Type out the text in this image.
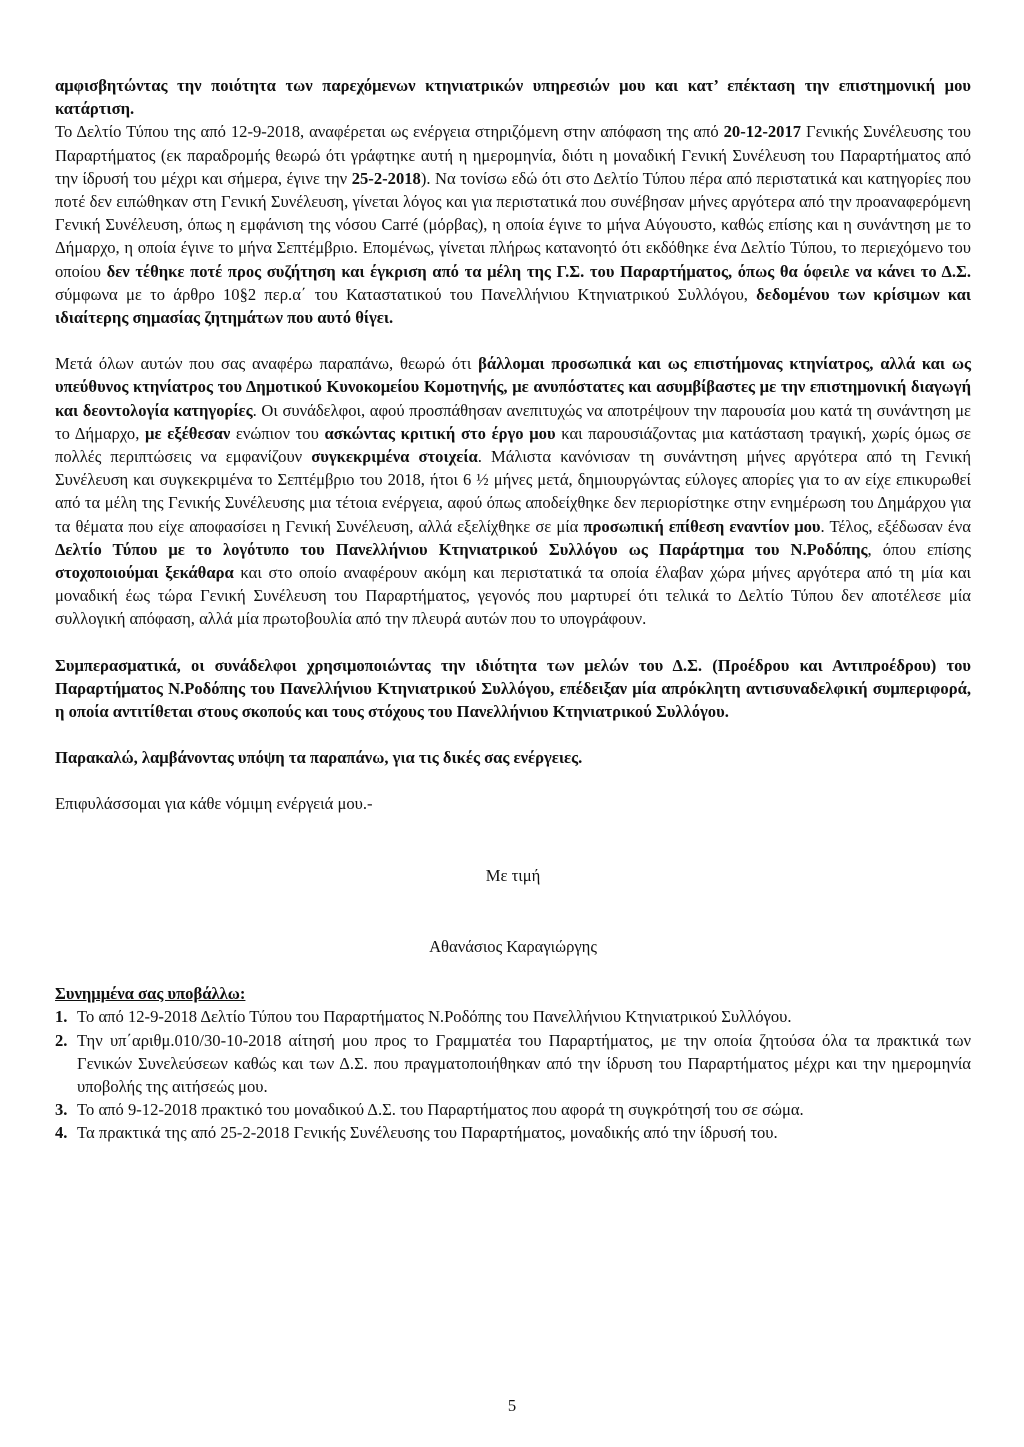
αμφισβητώντας την ποιότητα των παρεχόμενων κτηνιατρικών υπηρεσιών μου και κατ’ επέκταση την επιστημονική μου κατάρτιση.

Το Δελτίο Τύπου της από 12-9-2018, αναφέρεται ως ενέργεια στηριζόμενη στην απόφαση της από 20-12-2017 Γενικής Συνέλευσης του Παραρτήματος (εκ παραδρομής θεωρώ ότι γράφτηκε αυτή η ημερομηνία, διότι η μοναδική Γενική Συνέλευση του Παραρτήματος από την ίδρυσή του μέχρι και σήμερα, έγινε την 25-2-2018). Να τονίσω εδώ ότι στο Δελτίο Τύπου πέρα από περιστατικά και κατηγορίες που ποτέ δεν ειπώθηκαν στη Γενική Συνέλευση, γίνεται λόγος και για περιστατικά που συνέβησαν μήνες αργότερα από την προαναφερόμενη Γενική Συνέλευση, όπως η εμφάνιση της νόσου Carré (μόρβας), η οποία έγινε το μήνα Αύγουστο, καθώς επίσης και η συνάντηση με το Δήμαρχο, η οποία έγινε το μήνα Σεπτέμβριο. Επομένως, γίνεται πλήρως κατανοητό ότι εκδόθηκε ένα Δελτίο Τύπου, το περιεχόμενο του οποίου δεν τέθηκε ποτέ προς συζήτηση και έγκριση από τα μέλη της Γ.Σ. του Παραρτήματος, όπως θα όφειλε να κάνει το Δ.Σ. σύμφωνα με το άρθρο 10§2 περ.α΄ του Καταστατικού του Πανελλήνιου Κτηνιατρικού Συλλόγου, δεδομένου των κρίσιμων και ιδιαίτερης σημασίας ζητημάτων που αυτό θίγει.

Μετά όλων αυτών που σας αναφέρω παραπάνω, θεωρώ ότι βάλλομαι προσωπικά και ως επιστήμονας κτηνίατρος, αλλά και ως υπεύθυνος κτηνίατρος του Δημοτικού Κυνοκομείου Κομοτηνής, με ανυπόστατες και ασυμβίβαστες με την επιστημονική διαγωγή και δεοντολογία κατηγορίες. Οι συνάδελφοι, αφού προσπάθησαν ανεπιτυχώς να αποτρέψουν την παρουσία μου κατά τη συνάντηση με το Δήμαρχο, με εξέθεσαν ενώπιον του ασκώντας κριτική στο έργο μου και παρουσιάζοντας μια κατάσταση τραγική, χωρίς όμως σε πολλές περιπτώσεις να εμφανίζουν συγκεκριμένα στοιχεία. Μάλιστα κανόνισαν τη συνάντηση μήνες αργότερα από τη Γενική Συνέλευση και συγκεκριμένα το Σεπτέμβριο του 2018, ήτοι 6 ½ μήνες μετά, δημιουργώντας εύλογες απορίες για το αν είχε επικυρωθεί από τα μέλη της Γενικής Συνέλευσης μια τέτοια ενέργεια, αφού όπως αποδείχθηκε δεν περιορίστηκε στην ενημέρωση του Δημάρχου για τα θέματα που είχε αποφασίσει η Γενική Συνέλευση, αλλά εξελίχθηκε σε μία προσωπική επίθεση εναντίον μου. Τέλος, εξέδωσαν ένα Δελτίο Τύπου με το λογότυπο του Πανελλήνιου Κτηνιατρικού Συλλόγου ως Παράρτημα του Ν.Ροδόπης, όπου επίσης στοχοποιούμαι ξεκάθαρα και στο οποίο αναφέρουν ακόμη και περιστατικά τα οποία έλαβαν χώρα μήνες αργότερα από τη μία και μοναδική έως τώρα Γενική Συνέλευση του Παραρτήματος, γεγονός που μαρτυρεί ότι τελικά το Δελτίο Τύπου δεν αποτέλεσε μία συλλογική απόφαση, αλλά μία πρωτοβουλία από την πλευρά αυτών που το υπογράφουν.

Συμπερασματικά, οι συνάδελφοι χρησιμοποιώντας την ιδιότητα των μελών του Δ.Σ. (Προέδρου και Αντιπροέδρου) του Παραρτήματος Ν.Ροδόπης του Πανελλήνιου Κτηνιατρικού Συλλόγου, επέδειξαν μία απρόκλητη αντισυναδελφική συμπεριφορά, η οποία αντιτίθεται στους σκοπούς και τους στόχους του Πανελλήνιου Κτηνιατρικού Συλλόγου.

Παρακαλώ, λαμβάνοντας υπόψη τα παραπάνω, για τις δικές σας ενέργειες.

Επιφυλάσσομαι για κάθε νόμιμη ενέργειά μου.-

Με τιμή

Αθανάσιος Καραγιώργης

Συνημμένα σας υποβάλλω:
1. Το από 12-9-2018 Δελτίο Τύπου του Παραρτήματος Ν.Ροδόπης του Πανελλήνιου Κτηνιατρικού Συλλόγου.
2. Την υπ΄αριθμ.010/30-10-2018 αίτησή μου προς το Γραμματέα του Παραρτήματος, με την οποία ζητούσα όλα τα πρακτικά των Γενικών Συνελεύσεων καθώς και των Δ.Σ. που πραγματοποιήθηκαν από την ίδρυση του Παραρτήματος μέχρι και την ημερομηνία υποβολής της αιτήσεώς μου.
3. Το από 9-12-2018 πρακτικό του μοναδικού Δ.Σ. του Παραρτήματος που αφορά τη συγκρότησή του σε σώμα.
4. Τα πρακτικά της από 25-2-2018 Γενικής Συνέλευσης του Παραρτήματος, μοναδικής από την ίδρυσή του.
5
